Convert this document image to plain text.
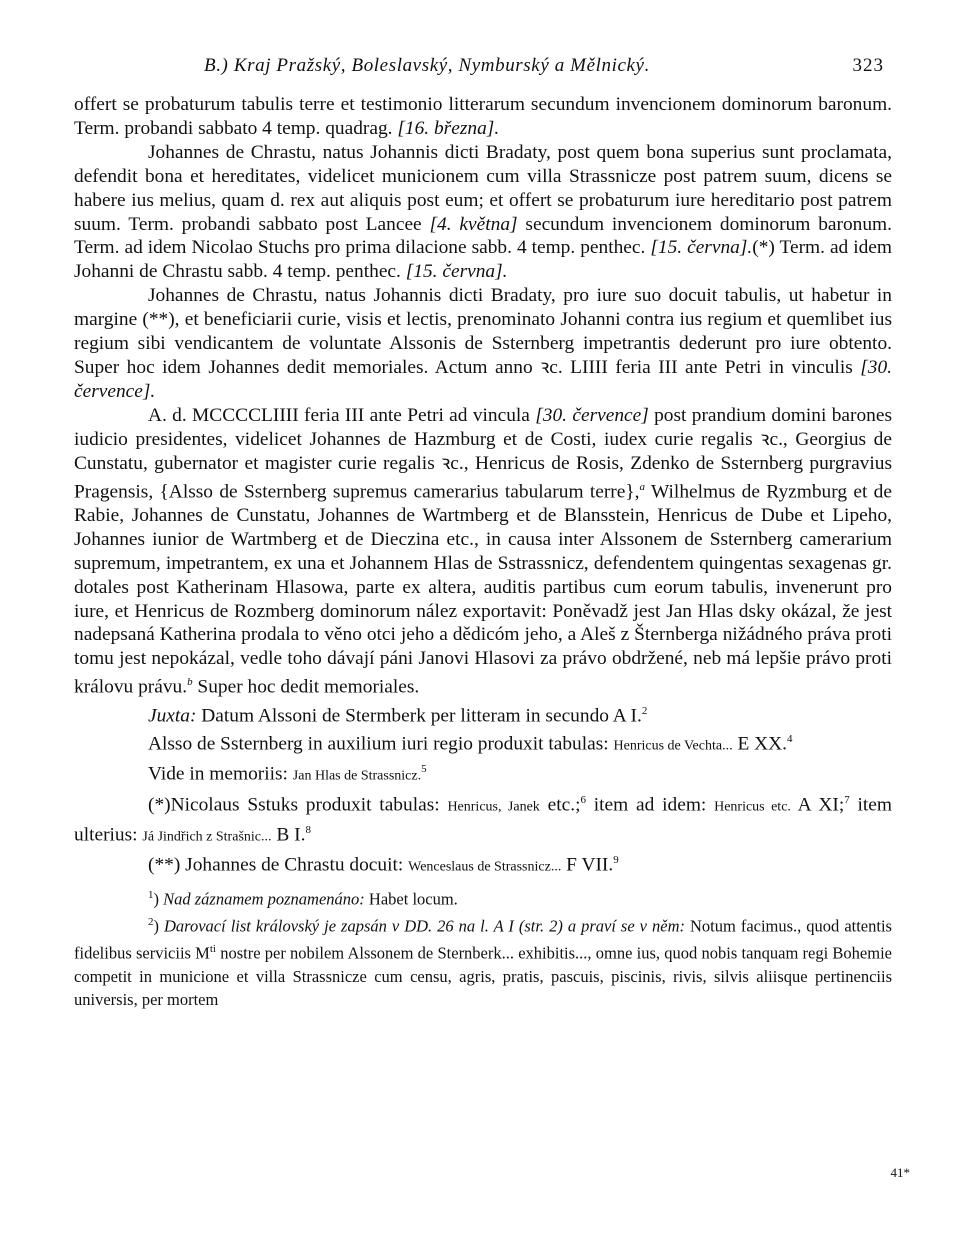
B.) Kraj Pražský, Boleslavský, Nymburský a Mělnický.	323

offert se probaturum tabulis terre et testimonio litterarum secundum invencionem dominorum baronum. Term. probandi sabbato 4 temp. quadrag. [16. března].

Johannes de Chrastu, natus Johannis dicti Bradaty, post quem bona superius sunt proclamata, defendit bona et hereditates, videlicet municionem cum villa Strassnicze post patrem suum, dicens se habere ius melius, quam d. rex aut aliquis post eum; et offert se probaturum iure hereditario post patrem suum. Term. probandi sabbato post Lancee [4. května] secundum invencionem dominorum baronum. Term. ad idem Nicolao Stuchs pro prima dilacione sabb. 4 temp. penthec. [15. června].(*) Term. ad idem Johanni de Chrastu sabb. 4 temp. penthec. [15. června].

Johannes de Chrastu, natus Johannis dicti Bradaty, pro iure suo docuit tabulis, ut habetur in margine (**), et beneficiarii curie, visis et lectis, prenominato Johanni contra ius regium et quemlibet ius regium sibi vendicantem de voluntate Alssonis de Ssternberg impetrantis dederunt pro iure obtento. Super hoc idem Johannes dedit memoriales. Actum anno ꝛc. LIIII feria III ante Petri in vinculis [30. července].

A. d. MCCCCLIIII feria III ante Petri ad vincula [30. července] post prandium domini barones iudicio presidentes, videlicet Johannes de Hazmburg et de Costi, iudex curie regalis ꝛc., Georgius de Cunstatu, gubernator et magister curie regalis ꝛc., Henricus de Rosis, Zdenko de Ssternberg purgravius Pragensis, {Alsso de Ssternberg supremus camerarius tabularum terre},$^a$ Wilhelmus de Ryzmburg et de Rabie, Johannes de Cunstatu, Johannes de Wartmberg et de Blansstein, Henricus de Dube et Lipeho, Johannes iunior de Wartmberg et de Dieczina etc., in causa inter Alssonem de Ssternberg camerarium supremum, impetrantem, ex una et Johannem Hlas de Sstrassnicz, defendentem quingentas sexagenas gr. dotales post Katherinam Hlasowa, parte ex altera, auditis partibus cum eorum tabulis, invenerunt pro iure, et Henricus de Rozmberg dominorum nález exportavit: Poněvadž jest Jan Hlas dsky okázal, že jest nadepsaná Katherina prodala to věno otci jeho a dědicóm jeho, a Aleš z Šternberga nižádného práva proti tomu jest nepokázal, vedle toho dávají páni Janovi Hlasovi za právo obdržené, neb má lepšie právo proti královu právu.$^b$ Super hoc dedit memoriales.

Juxta: Datum Alssoni de Stermberk per litteram in secundo A I.$^2$

Alsso de Ssternberg in auxilium iuri regio produxit tabulas: Henricus de Vechta... E XX.$^4$

Vide in memoriis: Jan Hlas de Strassnicz.$^5$

(*)Nicolaus Sstuks produxit tabulas: Henricus, Janek etc.;$^6$ item ad idem: Henricus etc. A XI;$^7$ item ulterius: Já Jindřich z Strašnic... B I.$^8$

(**) Johannes de Chrastu docuit: Wenceslaus de Strassnicz... F VII.$^9$

$^1$) Nad záznamem poznamenáno: Habet locum.

$^2$) Darovací list královský je zapsán v DD. 26 na l. A I (str. 2) a praví se v něm: Notum facimus., quod attentis fidelibus serviciis $M^{ti}$ nostre per nobilem Alssonem de Sternberk... exhibitis..., omne ius, quod nobis tanquam regi Bohemie competit in municione et villa Strassnicze cum censu, agris, pratis, pascuis, piscinis, rivis, silvis aliisque pertinenciis universis, per mortem

41*
